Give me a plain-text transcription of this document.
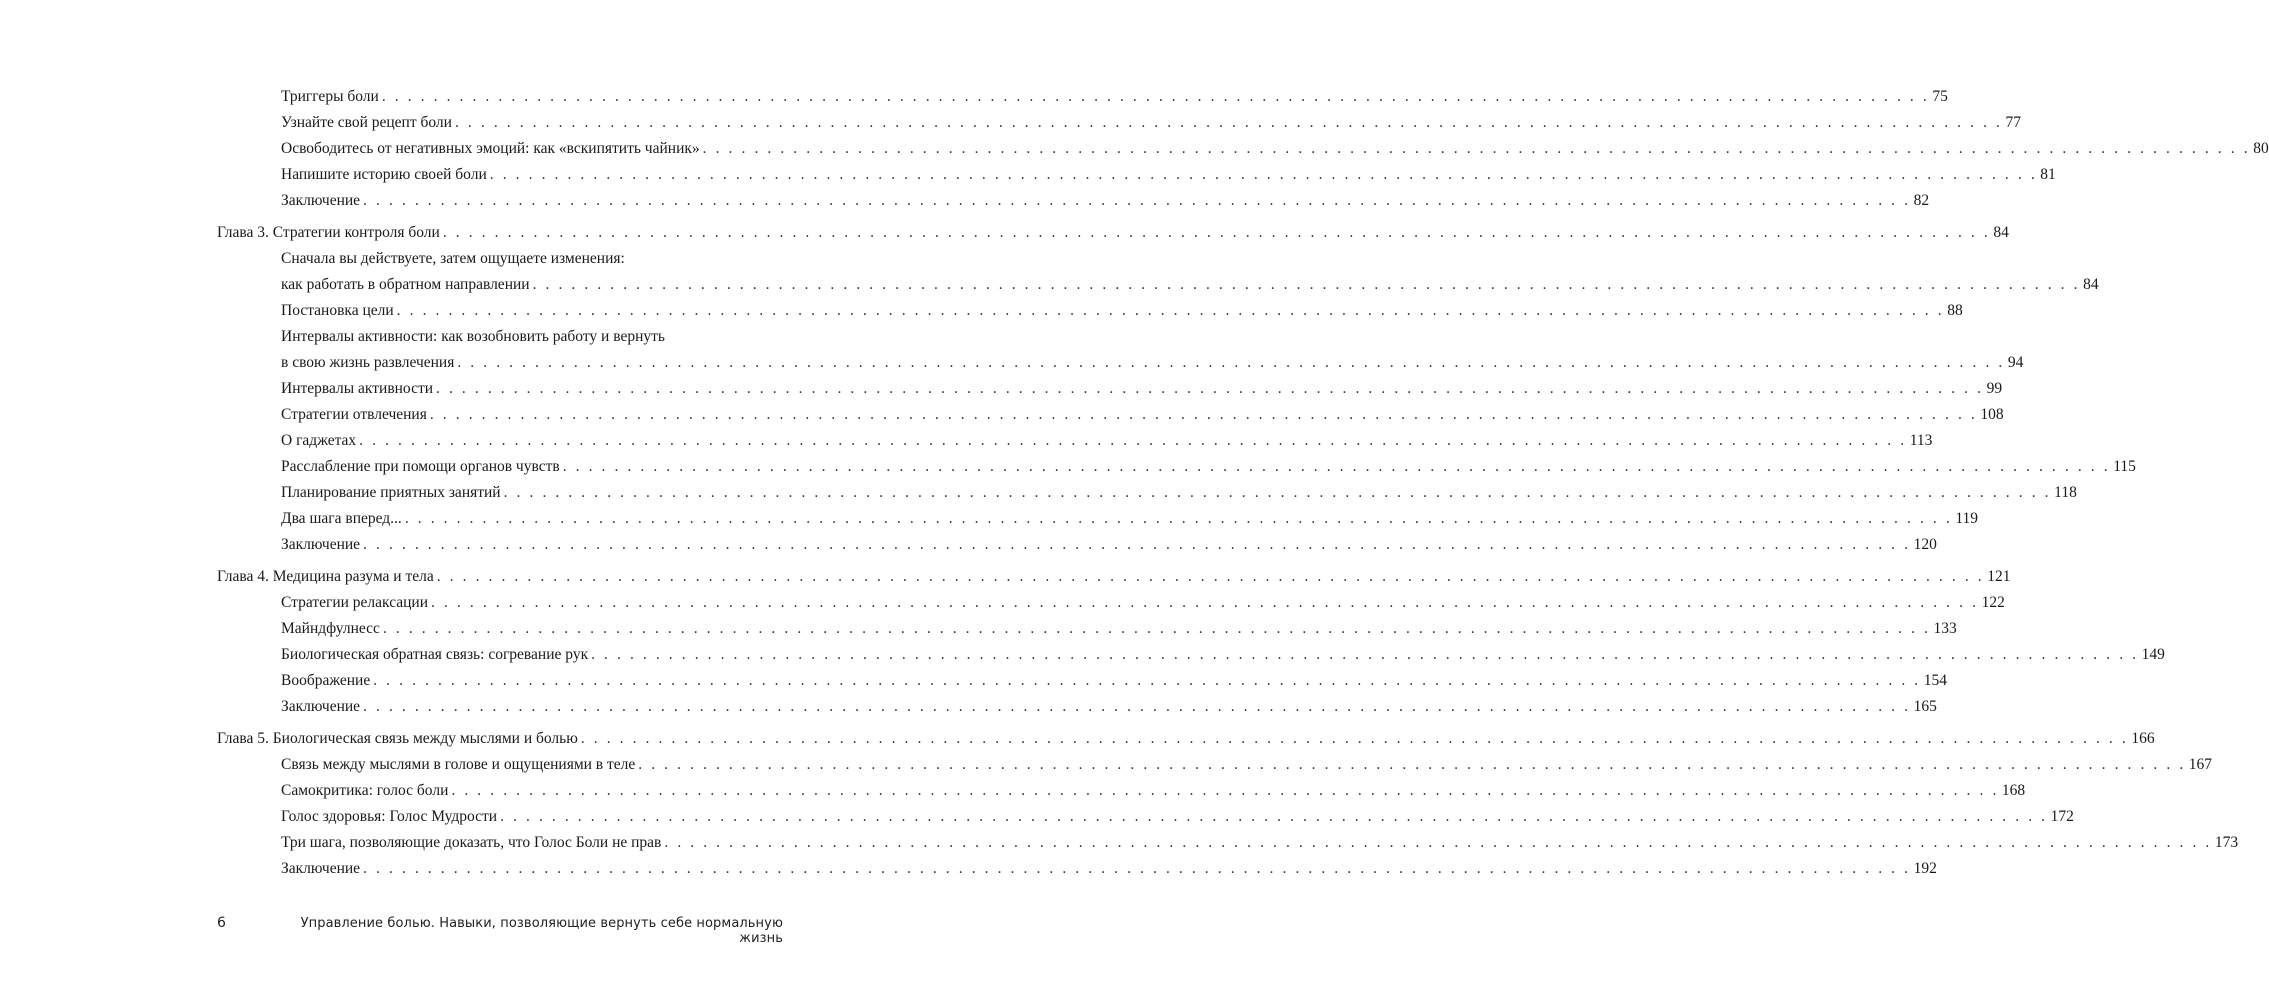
Триггеры боли . . . . . . . . . . . . . . . . . . . . . . . . . . . . . . . . . . . . . . . . . . . . . . . . . . . . . . . . . . . . . . . . . . . . . . . . . . . . . . . . . . . . . . . . . . . . . . . . . . . . . . . . . . . . . . . . . . . . . . . . 75
Узнайте свой рецепт боли . . . . . . . . . . . . . . . . . . . . . . . . . . . . . . . . . . . . . . . . . . . . . . . . . . . . . . . . . . . . . . . . . . . . . . . . . . . . . . . . . . . . . . . . . . . . . . . . . . . . . . . . . . . . . . . . . . . . . . . . 77
Освободитесь от негативных эмоций: как «вскипятить чайник» . . . . . . . . . . . . . . . . . . . . . . . . . . . . . . . . . . . . . . . . . . . . . . . . . . . . . . . . . . . . . . . . . . . . . . . . . . . . . . . . . . . . . . . . . . . . . . . . . . . . . . . . . . . . . . . . . . . . . . . . 80
Напишите историю своей боли . . . . . . . . . . . . . . . . . . . . . . . . . . . . . . . . . . . . . . . . . . . . . . . . . . . . . . . . . . . . . . . . . . . . . . . . . . . . . . . . . . . . . . . . . . . . . . . . . . . . . . . . . . . . . . . . . . . . . . . . 81
Заключение . . . . . . . . . . . . . . . . . . . . . . . . . . . . . . . . . . . . . . . . . . . . . . . . . . . . . . . . . . . . . . . . . . . . . . . . . . . . . . . . . . . . . . . . . . . . . . . . . . . . . . . . . . . . . . . . . . . . . . . . 82
Глава 3. Стратегии контроля боли . . . . . . . . . . . . . . . . . . . . . . . . . . . . . . . . . . . . . . . . . . . . . . . . . . . . . . . . . . . . . . . . . . . . . . . . . . . . . . . . . . . . . . . . . . . . . . . . . . . . . . . . . . . . . . . . . . . . . . . . 84
Сначала вы действуете, затем ощущаете изменения:
как работать в обратном направлении . . . . . . . . . . . . . . . . . . . . . . . . . . . . . . . . . . . . . . . . . . . . . . . . . . . . . . . . . . . . . . . . . . . . . . . . . . . . . . . . . . . . . . . . . . . . . . . . . . . . . . . . . . . . . . . . . . . . . . . . 84
Постановка цели . . . . . . . . . . . . . . . . . . . . . . . . . . . . . . . . . . . . . . . . . . . . . . . . . . . . . . . . . . . . . . . . . . . . . . . . . . . . . . . . . . . . . . . . . . . . . . . . . . . . . . . . . . . . . . . . . . . . . . . . 88
Интервалы активности: как возобновить работу и вернуть
в свою жизнь развлечения . . . . . . . . . . . . . . . . . . . . . . . . . . . . . . . . . . . . . . . . . . . . . . . . . . . . . . . . . . . . . . . . . . . . . . . . . . . . . . . . . . . . . . . . . . . . . . . . . . . . . . . . . . . . . . . . . . . . . . . . 94
Интервалы активности . . . . . . . . . . . . . . . . . . . . . . . . . . . . . . . . . . . . . . . . . . . . . . . . . . . . . . . . . . . . . . . . . . . . . . . . . . . . . . . . . . . . . . . . . . . . . . . . . . . . . . . . . . . . . . . . . . . . . . . . 99
Стратегии отвлечения . . . . . . . . . . . . . . . . . . . . . . . . . . . . . . . . . . . . . . . . . . . . . . . . . . . . . . . . . . . . . . . . . . . . . . . . . . . . . . . . . . . . . . . . . . . . . . . . . . . . . . . . . . . . . . . . . . . . . . . . 108
О гаджетах . . . . . . . . . . . . . . . . . . . . . . . . . . . . . . . . . . . . . . . . . . . . . . . . . . . . . . . . . . . . . . . . . . . . . . . . . . . . . . . . . . . . . . . . . . . . . . . . . . . . . . . . . . . . . . . . . . . . . . . . 113
Расслабление при помощи органов чувств . . . . . . . . . . . . . . . . . . . . . . . . . . . . . . . . . . . . . . . . . . . . . . . . . . . . . . . . . . . . . . . . . . . . . . . . . . . . . . . . . . . . . . . . . . . . . . . . . . . . . . . . . . . . . . . . . . . . . . . . 115
Планирование приятных занятий . . . . . . . . . . . . . . . . . . . . . . . . . . . . . . . . . . . . . . . . . . . . . . . . . . . . . . . . . . . . . . . . . . . . . . . . . . . . . . . . . . . . . . . . . . . . . . . . . . . . . . . . . . . . . . . . . . . . . . . . 118
Два шага вперед... . . . . . . . . . . . . . . . . . . . . . . . . . . . . . . . . . . . . . . . . . . . . . . . . . . . . . . . . . . . . . . . . . . . . . . . . . . . . . . . . . . . . . . . . . . . . . . . . . . . . . . . . . . . . . . . . . . . . . . . . 119
Заключение . . . . . . . . . . . . . . . . . . . . . . . . . . . . . . . . . . . . . . . . . . . . . . . . . . . . . . . . . . . . . . . . . . . . . . . . . . . . . . . . . . . . . . . . . . . . . . . . . . . . . . . . . . . . . . . . . . . . . . . . 120
Глава 4. Медицина разума и тела . . . . . . . . . . . . . . . . . . . . . . . . . . . . . . . . . . . . . . . . . . . . . . . . . . . . . . . . . . . . . . . . . . . . . . . . . . . . . . . . . . . . . . . . . . . . . . . . . . . . . . . . . . . . . . . . . . . . . . . . 121
Стратегии релаксации . . . . . . . . . . . . . . . . . . . . . . . . . . . . . . . . . . . . . . . . . . . . . . . . . . . . . . . . . . . . . . . . . . . . . . . . . . . . . . . . . . . . . . . . . . . . . . . . . . . . . . . . . . . . . . . . . . . . . . . . 122
Майндфулнесс . . . . . . . . . . . . . . . . . . . . . . . . . . . . . . . . . . . . . . . . . . . . . . . . . . . . . . . . . . . . . . . . . . . . . . . . . . . . . . . . . . . . . . . . . . . . . . . . . . . . . . . . . . . . . . . . . . . . . . . . 133
Биологическая обратная связь: согревание рук . . . . . . . . . . . . . . . . . . . . . . . . . . . . . . . . . . . . . . . . . . . . . . . . . . . . . . . . . . . . . . . . . . . . . . . . . . . . . . . . . . . . . . . . . . . . . . . . . . . . . . . . . . . . . . . . . . . . . . . . 149
Воображение . . . . . . . . . . . . . . . . . . . . . . . . . . . . . . . . . . . . . . . . . . . . . . . . . . . . . . . . . . . . . . . . . . . . . . . . . . . . . . . . . . . . . . . . . . . . . . . . . . . . . . . . . . . . . . . . . . . . . . . . 154
Заключение . . . . . . . . . . . . . . . . . . . . . . . . . . . . . . . . . . . . . . . . . . . . . . . . . . . . . . . . . . . . . . . . . . . . . . . . . . . . . . . . . . . . . . . . . . . . . . . . . . . . . . . . . . . . . . . . . . . . . . . . 165
Глава 5. Биологическая связь между мыслями и болью . . . . . . . . . . . . . . . . . . . . . . . . . . . . . . . . . . . . . . . . . . . . . . . . . . . . . . . . . . . . . . . . . . . . . . . . . . . . . . . . . . . . . . . . . . . . . . . . . . . . . . . . . . . . . . . . . . . . . . . . 166
Связь между мыслями в голове и ощущениями в теле . . . . . . . . . . . . . . . . . . . . . . . . . . . . . . . . . . . . . . . . . . . . . . . . . . . . . . . . . . . . . . . . . . . . . . . . . . . . . . . . . . . . . . . . . . . . . . . . . . . . . . . . . . . . . . . . . . . . . . . . 167
Самокритика: голос боли . . . . . . . . . . . . . . . . . . . . . . . . . . . . . . . . . . . . . . . . . . . . . . . . . . . . . . . . . . . . . . . . . . . . . . . . . . . . . . . . . . . . . . . . . . . . . . . . . . . . . . . . . . . . . . . . . . . . . . . . 168
Голос здоровья: Голос Мудрости . . . . . . . . . . . . . . . . . . . . . . . . . . . . . . . . . . . . . . . . . . . . . . . . . . . . . . . . . . . . . . . . . . . . . . . . . . . . . . . . . . . . . . . . . . . . . . . . . . . . . . . . . . . . . . . . . . . . . . . . 172
Три шага, позволяющие доказать, что Голос Боли не прав . . . . . . . . . . . . . . . . . . . . . . . . . . . . . . . . . . . . . . . . . . . . . . . . . . . . . . . . . . . . . . . . . . . . . . . . . . . . . . . . . . . . . . . . . . . . . . . . . . . . . . . . . . . . . . . . . . . . . . . . 173
Заключение . . . . . . . . . . . . . . . . . . . . . . . . . . . . . . . . . . . . . . . . . . . . . . . . . . . . . . . . . . . . . . . . . . . . . . . . . . . . . . . . . . . . . . . . . . . . . . . . . . . . . . . . . . . . . . . . . . . . . . . . 192
6	Управление болью. Навыки, позволяющие вернуть себе нормальную жизнь
